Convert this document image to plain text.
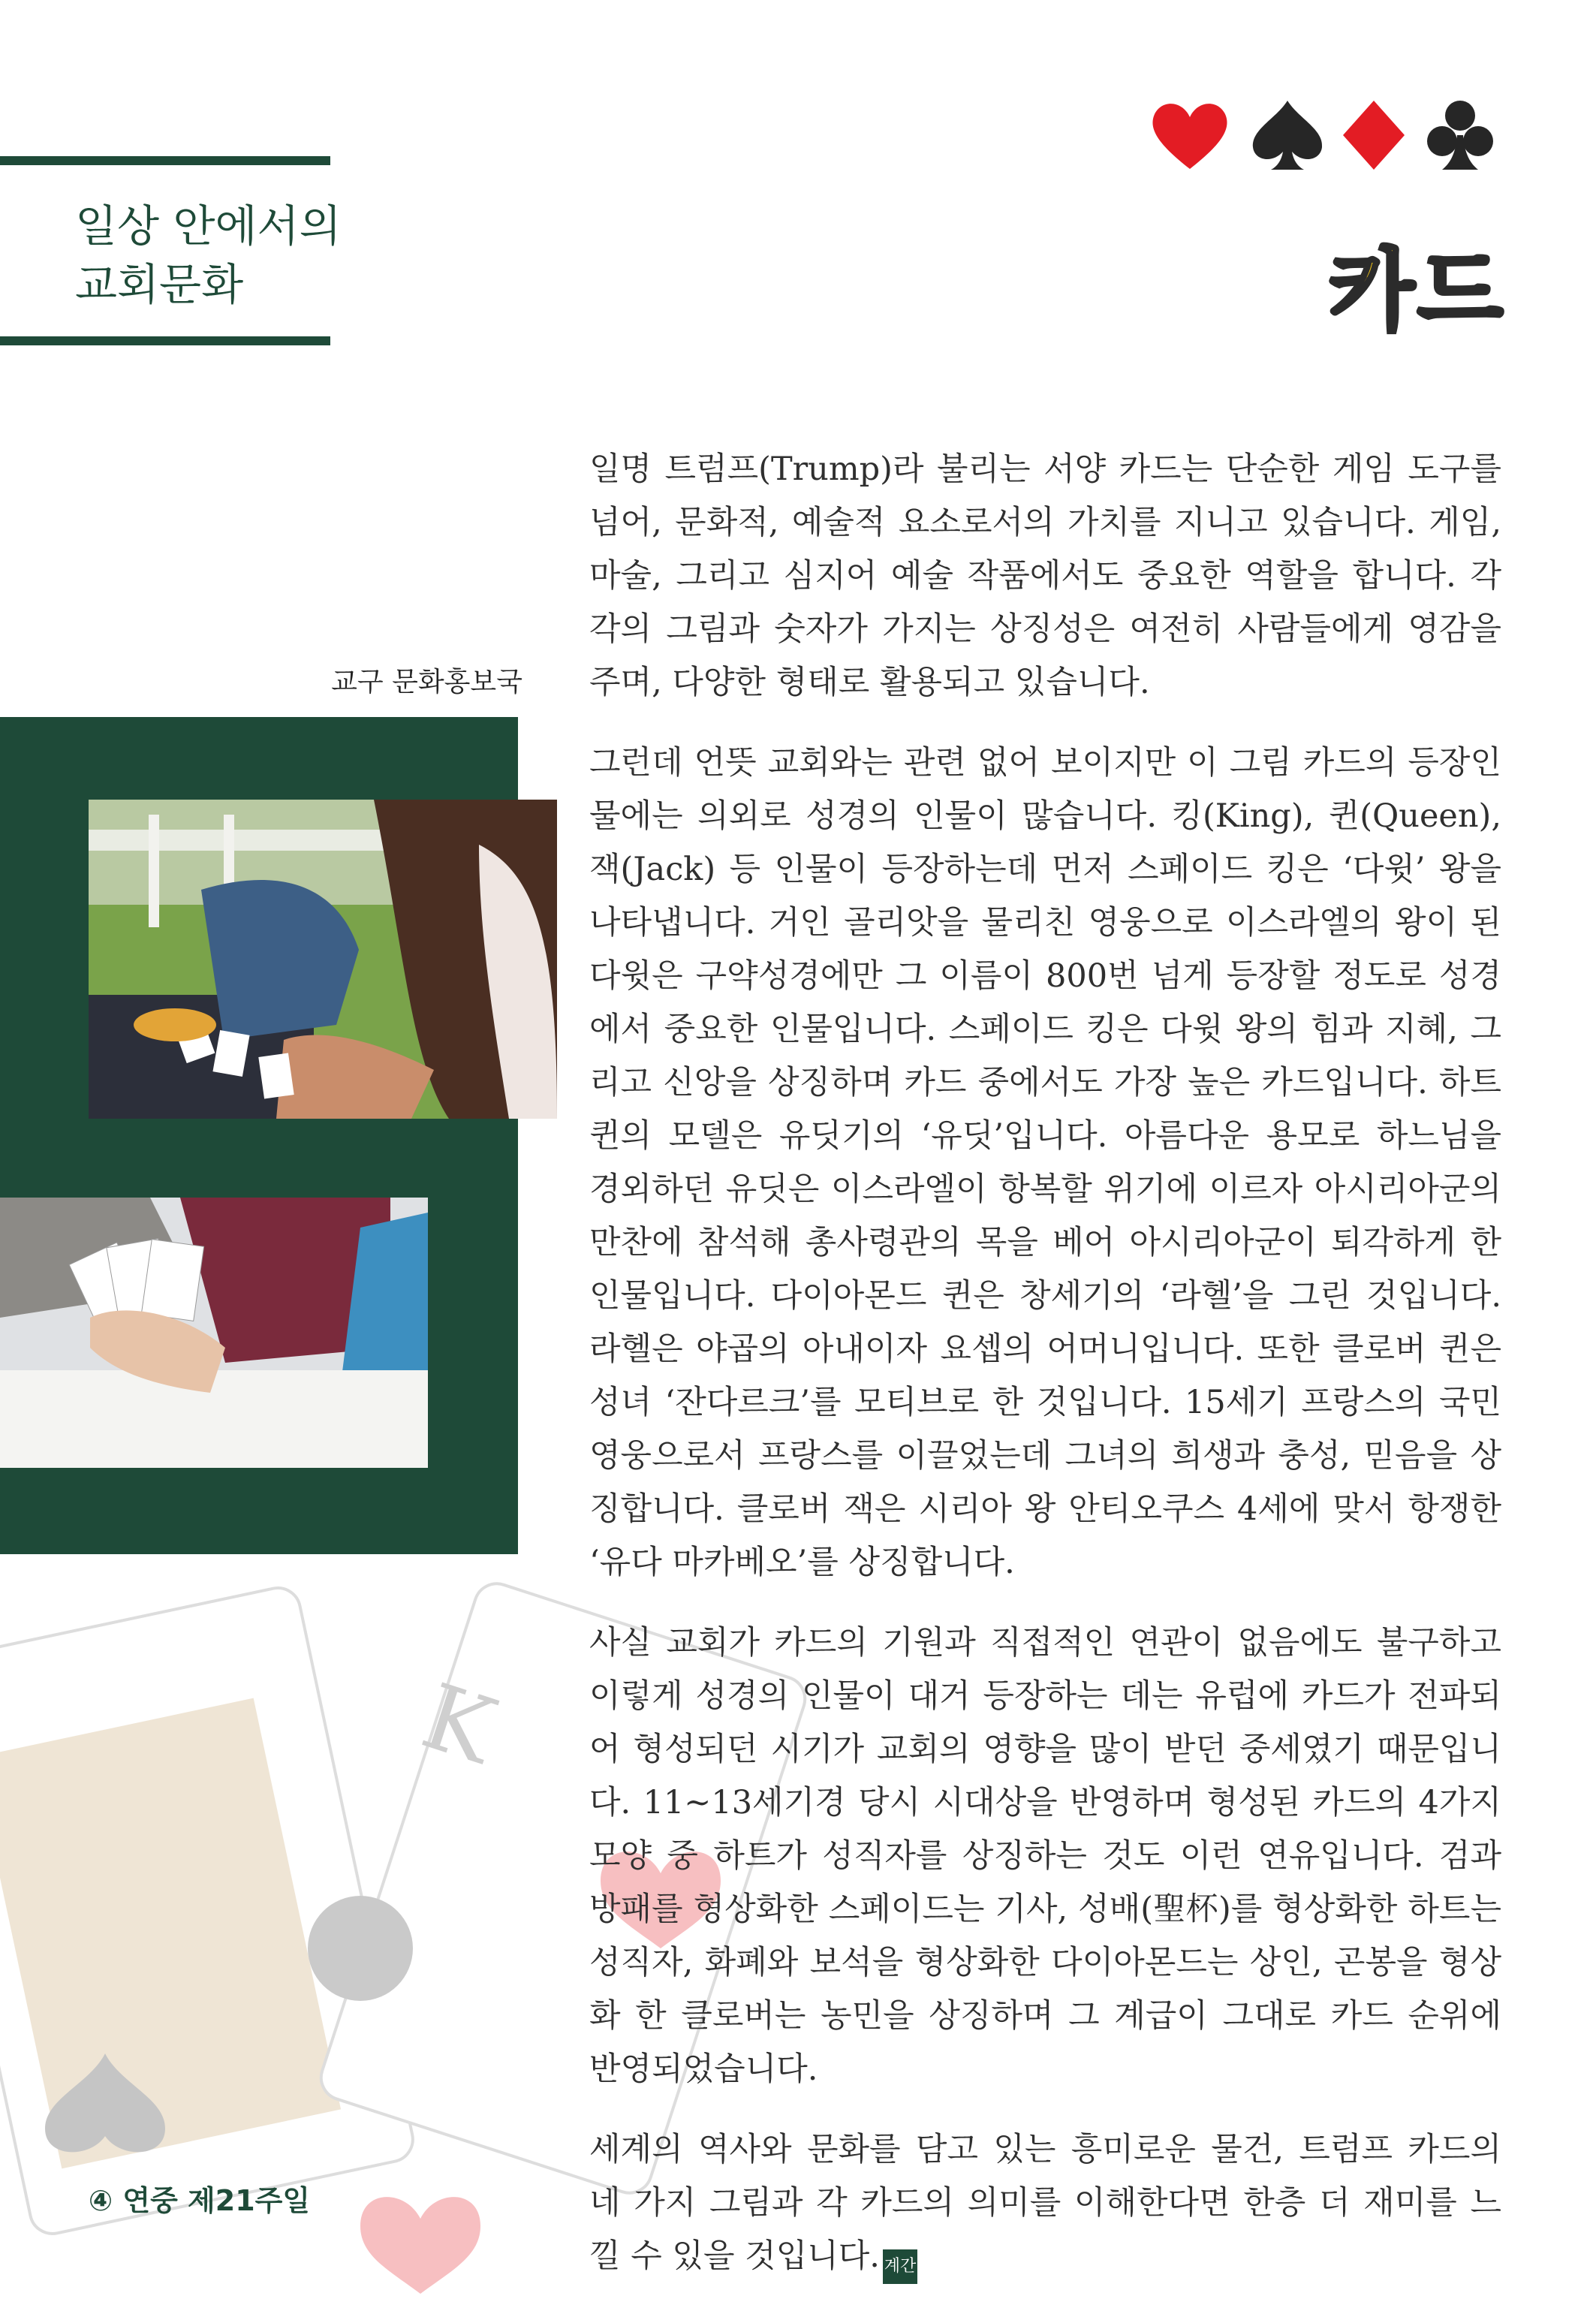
일상 안에서의
교회문화	카드
교구 문화홍보국
K

일명 트럼프(Trump)라 불리는 서양 카드는 단순한 게임 도구를 넘어, 문화적, 예술적 요소로서의 가치를 지니고 있습니다. 게임, 마술, 그리고 심지어 예술 작품에서도 중요한 역할을 합니다. 각각의 그림과 숫자가 가지는 상징성은 여전히 사람들에게 영감을 주며, 다양한 형태로 활용되고 있습니다.

그런데 언뜻 교회와는 관련 없어 보이지만 이 그림 카드의 등장인물에는 의외로 성경의 인물이 많습니다. 킹(King), 퀸(Queen), 잭(Jack) 등 인물이 등장하는데 먼저 스페이드 킹은 ‘다윗’ 왕을 나타냅니다. 거인 골리앗을 물리친 영웅으로 이스라엘의 왕이 된 다윗은 구약성경에만 그 이름이 800번 넘게 등장할 정도로 성경에서 중요한 인물입니다. 스페이드 킹은 다윗 왕의 힘과 지혜, 그리고 신앙을 상징하며 카드 중에서도 가장 높은 카드입니다. 하트 퀸의 모델은 유딧기의 ‘유딧’입니다. 아름다운 용모로 하느님을 경외하던 유딧은 이스라엘이 항복할 위기에 이르자 아시리아군의 만찬에 참석해 총사령관의 목을 베어 아시리아군이 퇴각하게 한 인물입니다. 다이아몬드 퀸은 창세기의 ‘라헬’을 그린 것입니다. 라헬은 야곱의 아내이자 요셉의 어머니입니다. 또한 클로버 퀸은 성녀 ‘잔다르크’를 모티브로 한 것입니다. 15세기 프랑스의 국민 영웅으로서 프랑스를 이끌었는데 그녀의 희생과 충성, 믿음을 상징합니다. 클로버 잭은 시리아 왕 안티오쿠스 4세에 맞서 항쟁한 ‘유다 마카베오’를 상징합니다.

사실 교회가 카드의 기원과 직접적인 연관이 없음에도 불구하고 이렇게 성경의 인물이 대거 등장하는 데는 유럽에 카드가 전파되어 형성되던 시기가 교회의 영향을 많이 받던 중세였기 때문입니다. 11~13세기경 당시 시대상을 반영하며 형성된 카드의 4가지 모양 중 하트가 성직자를 상징하는 것도 이런 연유입니다. 검과 방패를 형상화한 스페이드는 기사, 성배(聖杯)를 형상화한 하트는 성직자, 화폐와 보석을 형상화한 다이아몬드는 상인, 곤봉을 형상화 한 클로버는 농민을 상징하며 그 계급이 그대로 카드 순위에 반영되었습니다.

세계의 역사와 문화를 담고 있는 흥미로운 물건, 트럼프 카드의 네 가지 그림과 각 카드의 의미를 이해한다면 한층 더 재미를 느낄 수 있을 것입니다. 계간

④ 연중 제21주일
